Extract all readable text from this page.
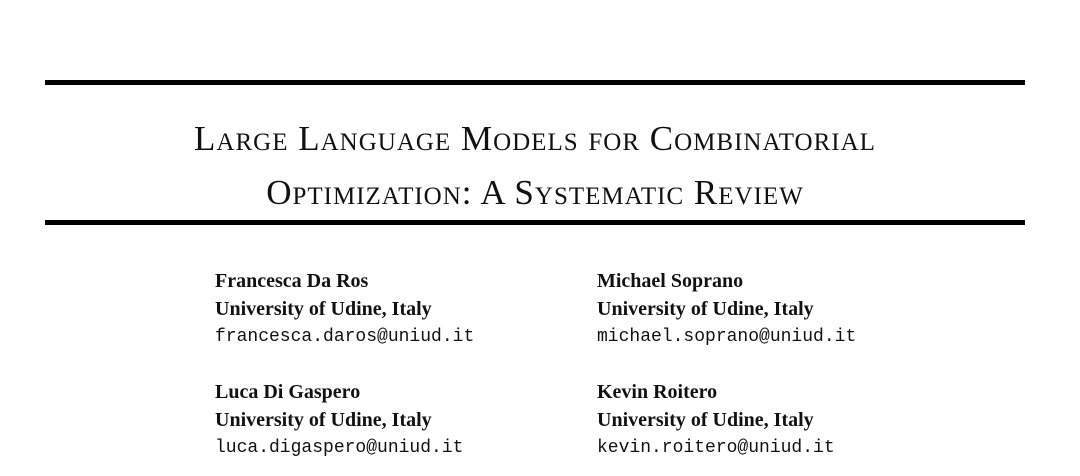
Large Language Models for Combinatorial
Optimization: A Systematic Review
Francesca Da Ros
University of Udine, Italy
francesca.daros@uniud.it
Michael Soprano
University of Udine, Italy
michael.soprano@uniud.it
Luca Di Gaspero
University of Udine, Italy
luca.digaspero@uniud.it
Kevin Roitero
University of Udine, Italy
kevin.roitero@uniud.it
